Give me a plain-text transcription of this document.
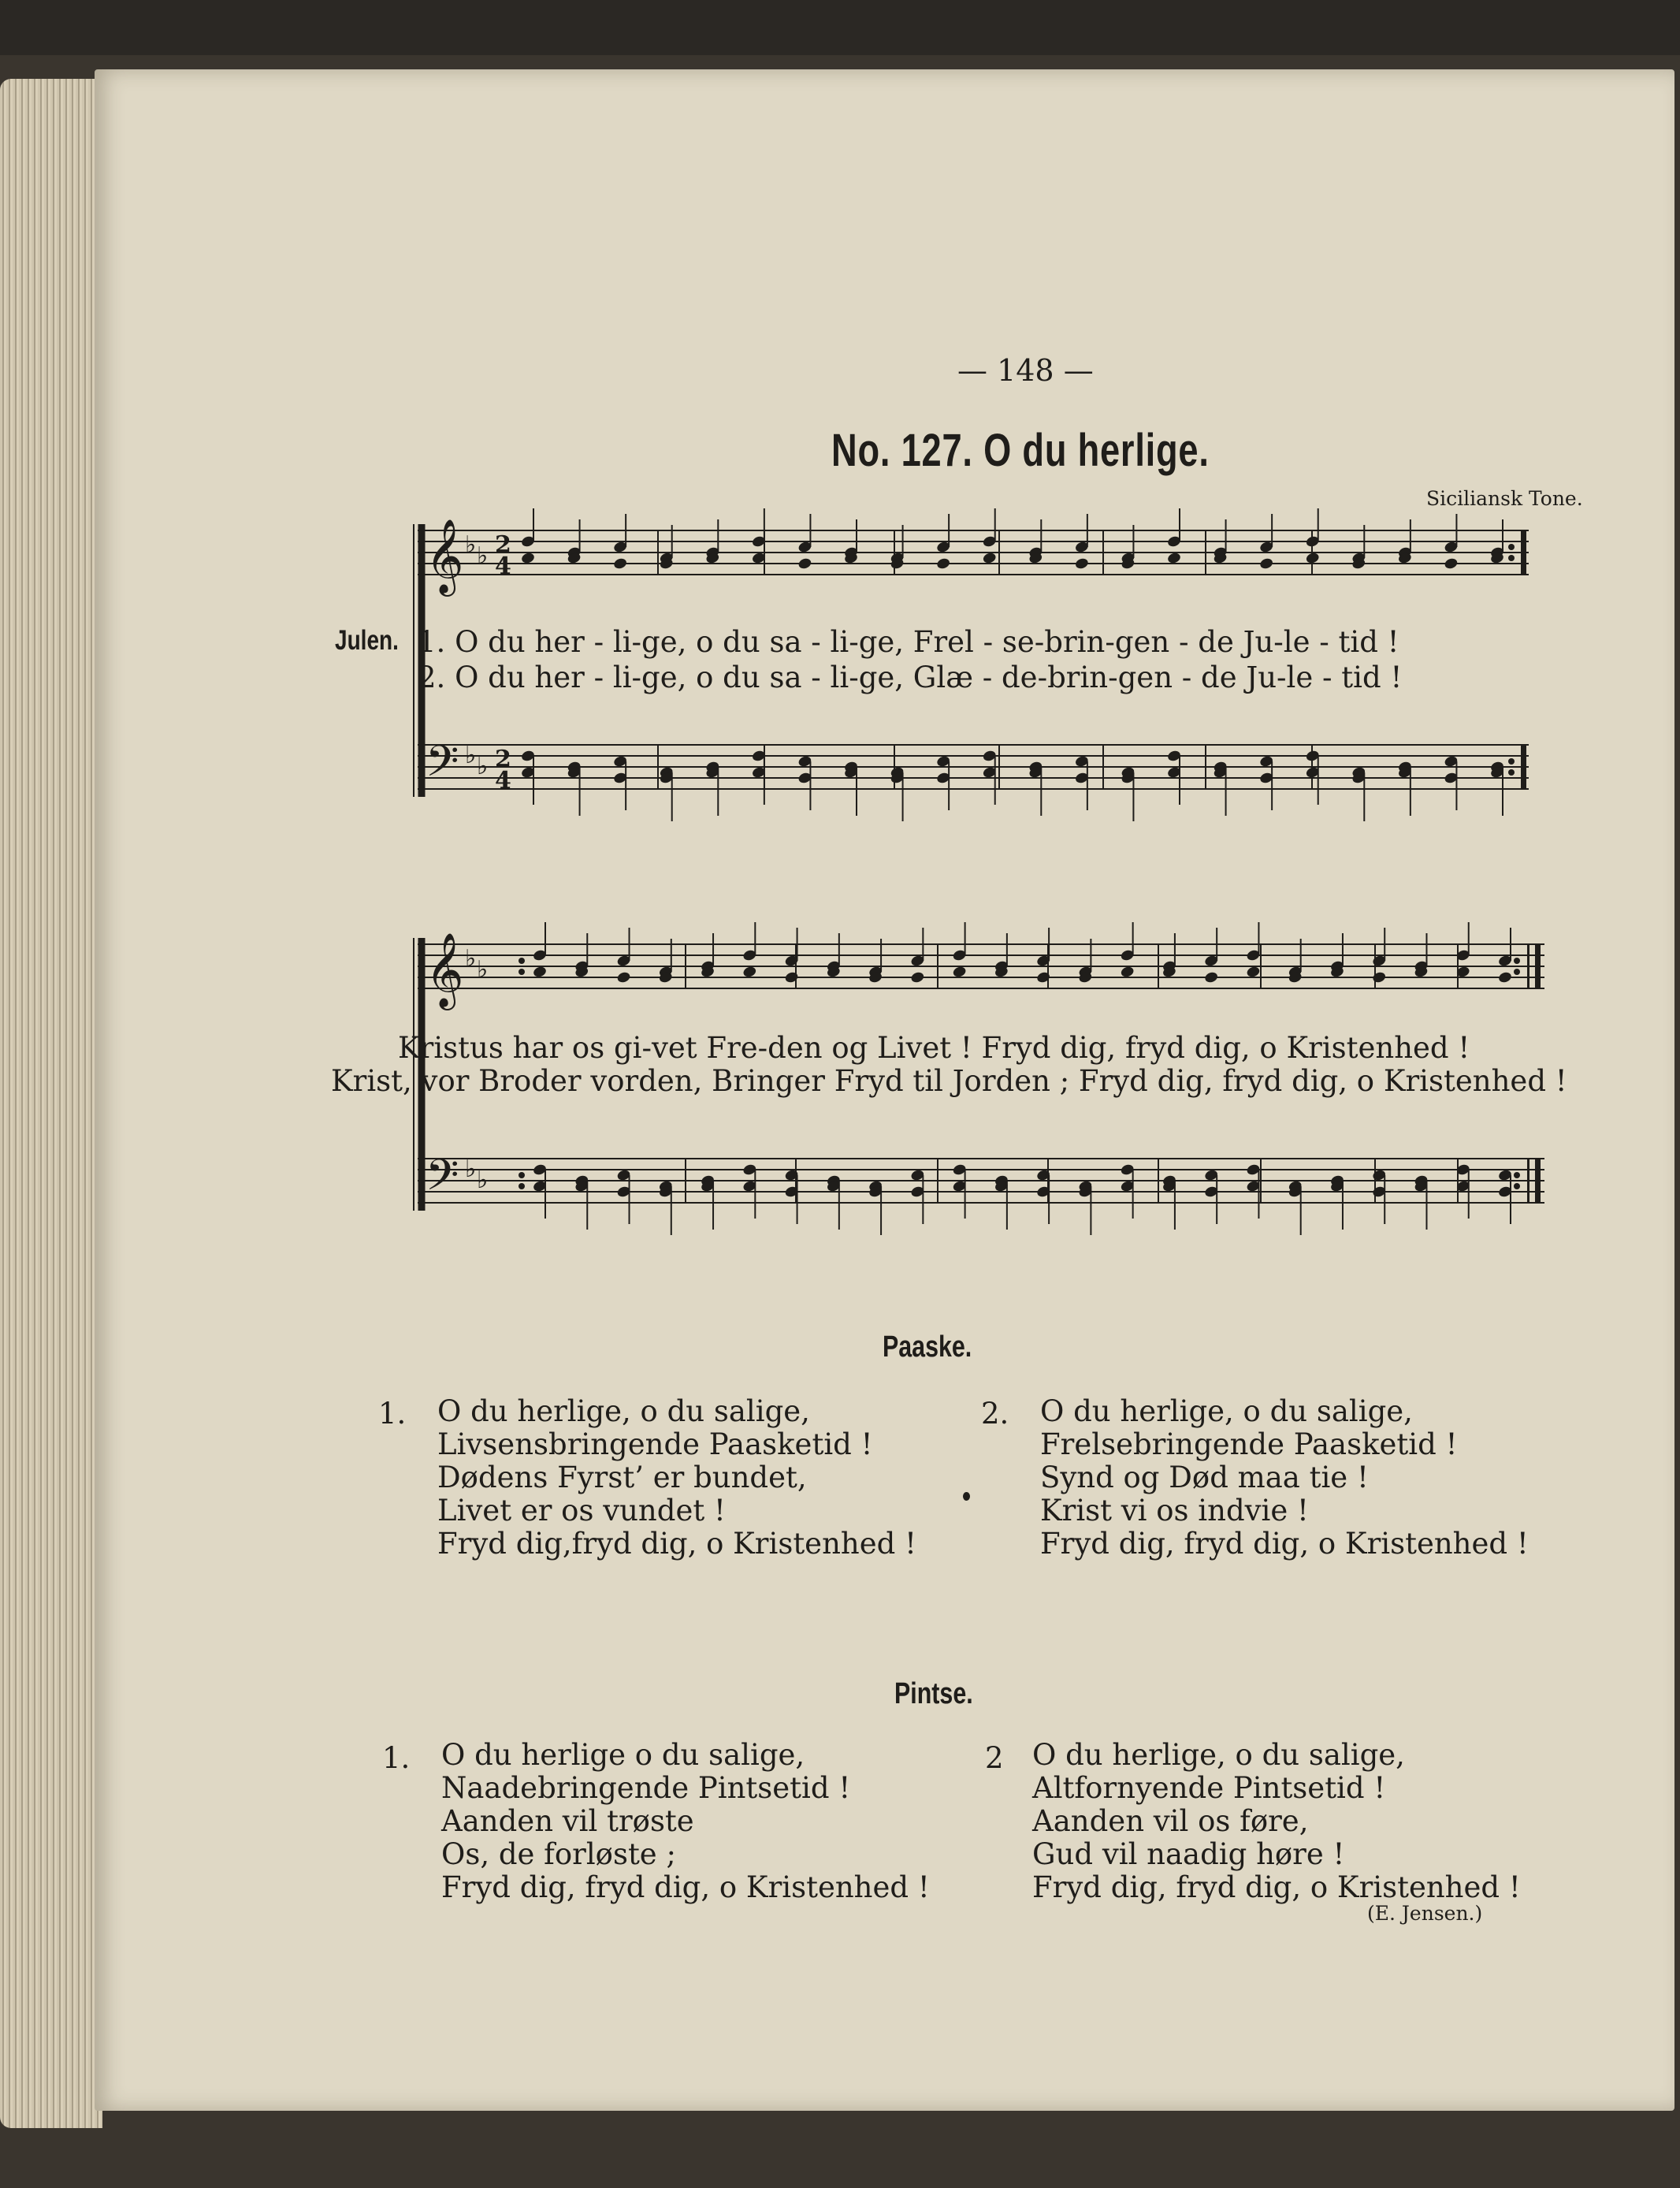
— 148 —
No. 127. O du herlige.
Siciliansk Tone.
𝄞
𝄢
♭ ♭
♭ ♭
2
4
2
4
Julen. 1. O du her - li-ge, o du sa - li-ge, Frel - se-brin-gen - de Ju-le - tid !
2. O du her - li-ge, o du sa - li-ge, Glæ - de-brin-gen - de Ju-le - tid !
𝄞
𝄢
♭ ♭
♭ ♭
Kristus har os gi-vet Fre-den og Livet ! Fryd dig, fryd dig, o Kristenhed !
Krist, vor Broder vorden, Bringer Fryd til Jorden ; Fryd dig, fryd dig, o Kristenhed !
Paaske.
1. O du herlige, o du salige,
Livsensbringende Paasketid !
Dødens Fyrst’ er bundet,
Livet er os vundet !
Fryd dig,fryd dig, o Kristenhed !
2. O du herlige, o du salige,
Frelsebringende Paasketid !
Synd og Død maa tie !
Krist vi os indvie !
Fryd dig, fryd dig, o Kristenhed !
Pintse.
1. O du herlige o du salige,
Naadebringende Pintsetid !
Aanden vil trøste
Os, de forløste ;
Fryd dig, fryd dig, o Kristenhed !
2 O du herlige, o du salige,
Altfornyende Pintsetid !
Aanden vil os føre,
Gud vil naadig høre !
Fryd dig, fryd dig, o Kristenhed !
(E. Jensen.)
